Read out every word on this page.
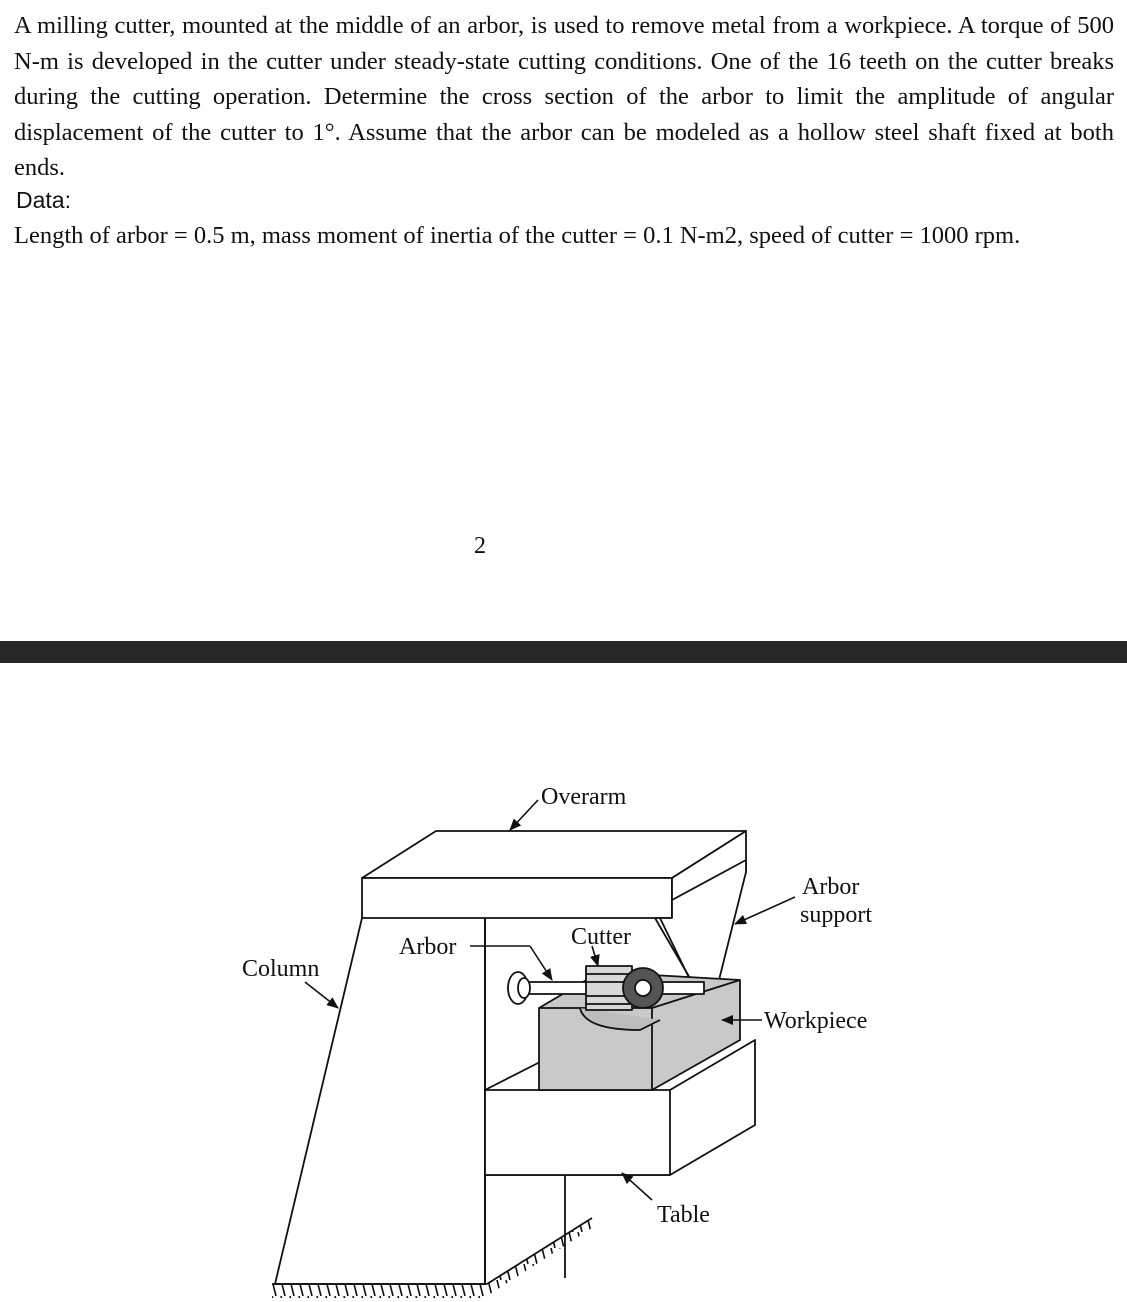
A milling cutter, mounted at the middle of an arbor, is used to remove metal from a workpiece. A torque of 500 N-m is developed in the cutter under steady-state cutting conditions. One of the 16 teeth on the cutter breaks during the cutting operation. Determine the cross section of the arbor to limit the amplitude of angular displacement of the cutter to 1°. Assume that the arbor can be modeled as a hollow steel shaft fixed at both ends.

Data:
Length of arbor = 0.5 m, mass moment of inertia of the cutter = 0.1 N-m2, speed of cutter = 1000 rpm.
2
Overarm
Arbor
support
Cutter
Arbor
Column
Workpiece
Table
